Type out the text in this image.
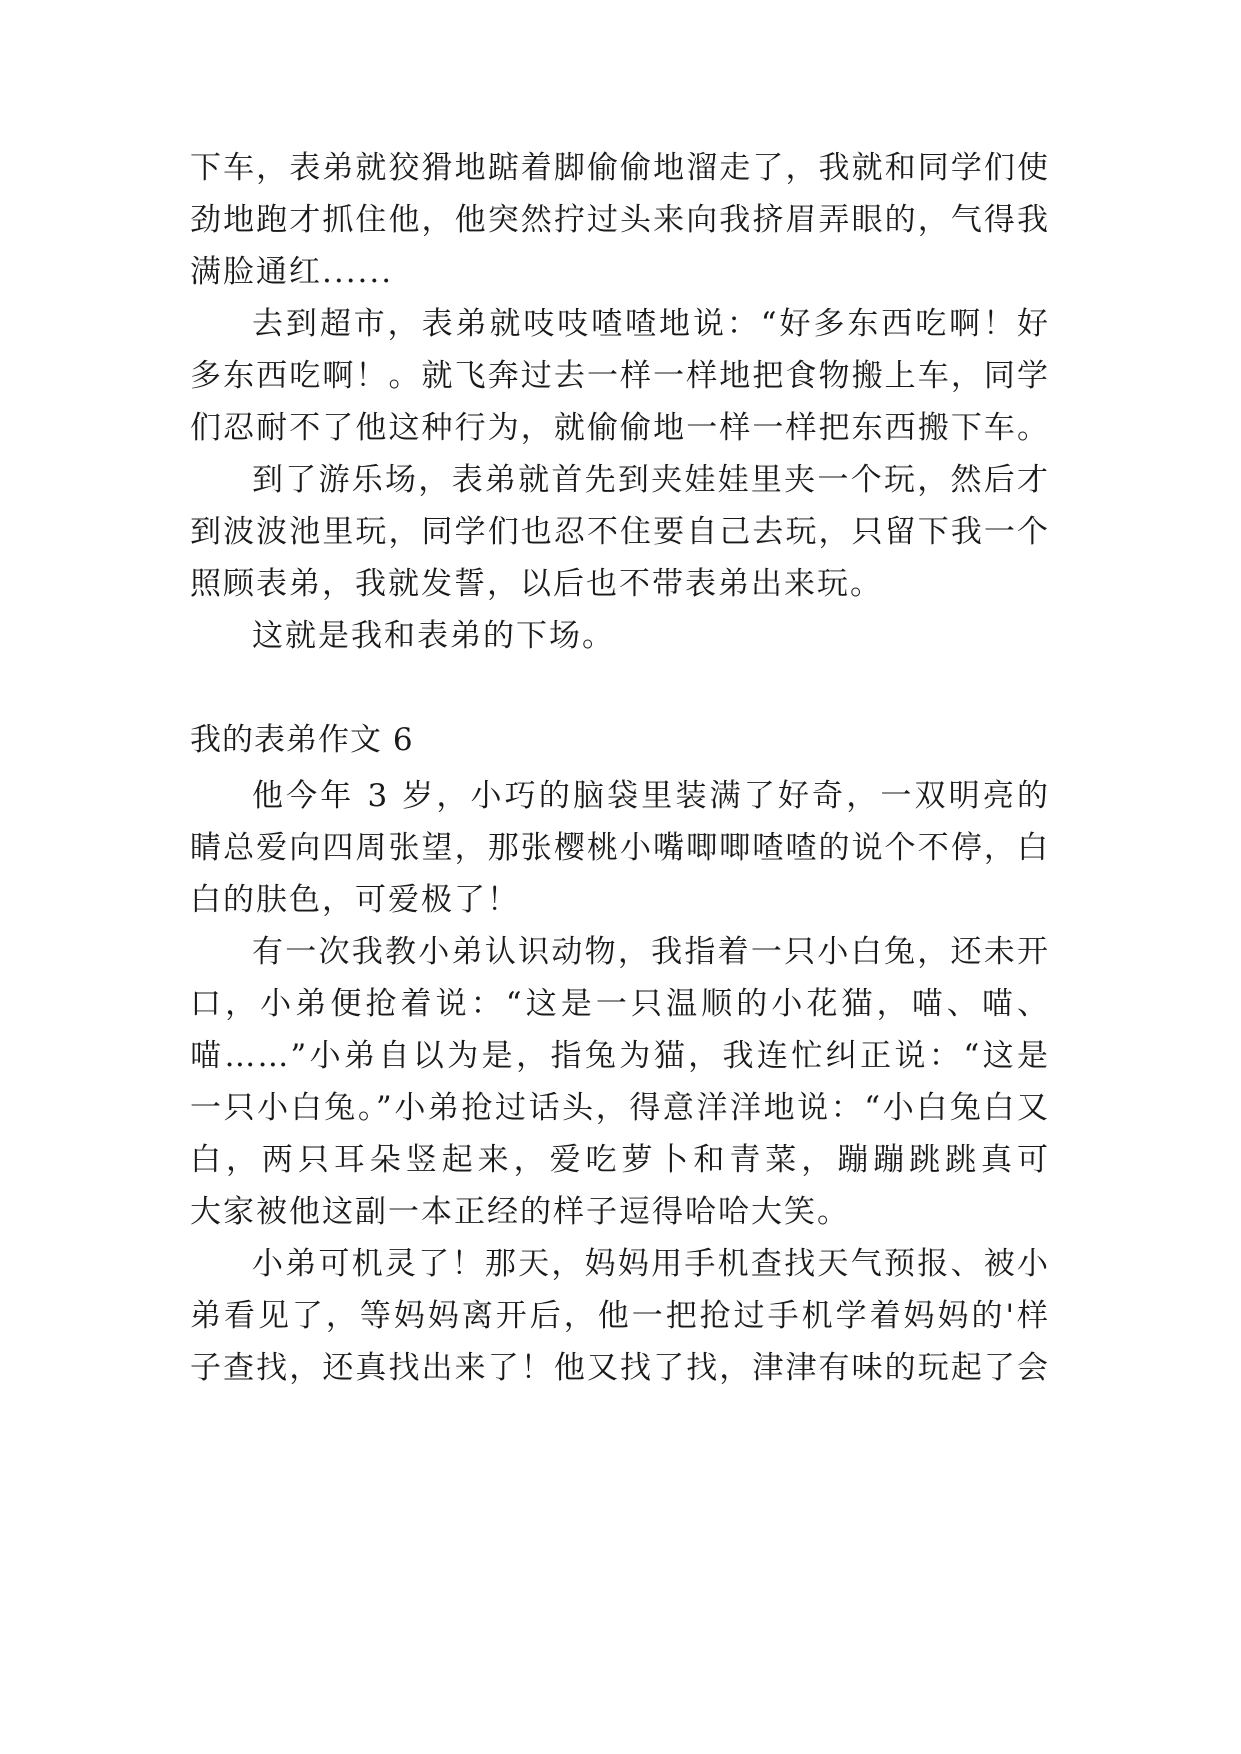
下车，表弟就狡猾地踮着脚偷偷地溜走了，我就和同学们使
劲地跑才抓住他，他突然拧过头来向我挤眉弄眼的，气得我
满脸通红......
去到超市，表弟就吱吱喳喳地说：“好多东西吃啊！好
多东西吃啊！。就飞奔过去一样一样地把食物搬上车，同学
们忍耐不了他这种行为，就偷偷地一样一样把东西搬下车。
到了游乐场，表弟就首先到夹娃娃里夹一个玩，然后才
到波波池里玩，同学们也忍不住要自己去玩，只留下我一个
照顾表弟，我就发誓，以后也不带表弟出来玩。
这就是我和表弟的下场。
我的表弟作文 6
他今年 3 岁，小巧的脑袋里装满了好奇，一双明亮的
睛总爱向四周张望，那张樱桃小嘴唧唧喳喳的说个不停，白
白的肤色，可爱极了！
有一次我教小弟认识动物，我指着一只小白兔，还未开
口，小弟便抢着说：“这是一只温顺的小花猫，喵、喵、
喵……”小弟自以为是，指兔为猫，我连忙纠正说：“这是
一只小白兔。”小弟抢过话头，得意洋洋地说：“小白兔白又
白，两只耳朵竖起来，爱吃萝卜和青菜，蹦蹦跳跳真可
大家被他这副一本正经的样子逗得哈哈大笑。
小弟可机灵了！那天，妈妈用手机查找天气预报、被小
弟看见了，等妈妈离开后，他一把抢过手机学着妈妈的'样
子查找，还真找出来了！他又找了找，津津有味的玩起了会
